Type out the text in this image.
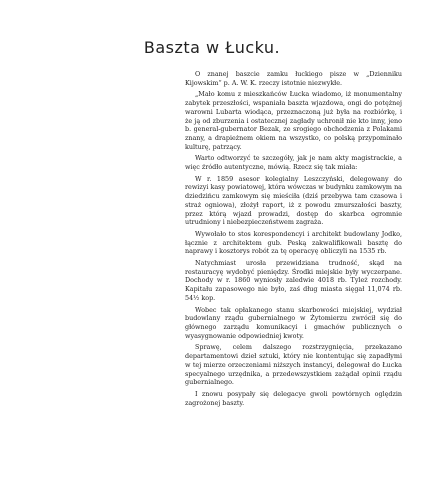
Baszta w Łucku.

O znanej baszcie zamku łuckiego pisze w „Dzienniku Kijowskim“ p. A. W. K. rzeczy istotnie niezwykłe.

„Mało komu z mieszkańców Łucka wiadomo, iż monumentalny zabytek przeszłości, wspaniała baszta wjazdowa, ongi do potężnej warowni Lubarta wiodąca, przeznaczoną już była na rozbiórkę, i że ją od zburzenia i ostatecznej zagłady uchronił nie kto inny, jeno b. general-gubernator Bezak, ze srogiego obchodzenia z Polakami znany, a drapieżnem okiem na wszystko, co polską przypominało kulturę, patrzący.

Warto odtworzyć te szczegóły, jak je nam akty magistrackie, a więc źródło autentyczne, mówią. Rzecz się tak miała:

W r. 1859 asesor kolegialny Leszczyński, delegowany do rewizyi kasy powiatowej, która wówczas w budynku zamkowym na dziedzińcu zamkowym się mieściła (dziś przebywa tam czasowa i straż ogniowa), złożył raport, iż z powodu zmurszałości baszty, przez którą wjazd prowadzi, dostęp do skarbca ogromnie utrudniony i niebezpieczeństwem zagraża.

Wywołało to stos korespondencyi i architekt budowlany Jodko, łącznie z architektem gub. Peską zakwalifikowali basztę do naprawy i kosztorys robót za tę operacyę obliczyli na 1535 rb.

Natychmiast urosła przewidziana trudność, skąd na restauracyę wydobyć pieniędzy. Środki miejskie były wyczerpane. Dochody w r. 1860 wyniosły zaledwie 4018 rb. Tyleż rozchody. Kapitału zapasowego nie było, zaś dług miasta sięgał 11,074 rb. 54½ kop.

Wobec tak opłakanego stanu skarbowości miejskiej, wydział budowlany rządu gubernialnego w Żytomierzu zwrócił się do głównego zarządu komunikacyi i gmachów publicznych o wyasygnowanie odpowiedniej kwoty.

Sprawę, celem dalszego rozstrzygnięcia, przekazano departamentowi dzieł sztuki, który nie kontentując się zapadłymi w tej mierze orzeczeniami niższych instancyi, delegował do Łucka specyalnego urzędnika, a przedewszystkiem zażądał opinii rządu gubernialnego.

I znowu posypały się delegacye gwoli powtórnych oględzin zagrożonej baszty.
